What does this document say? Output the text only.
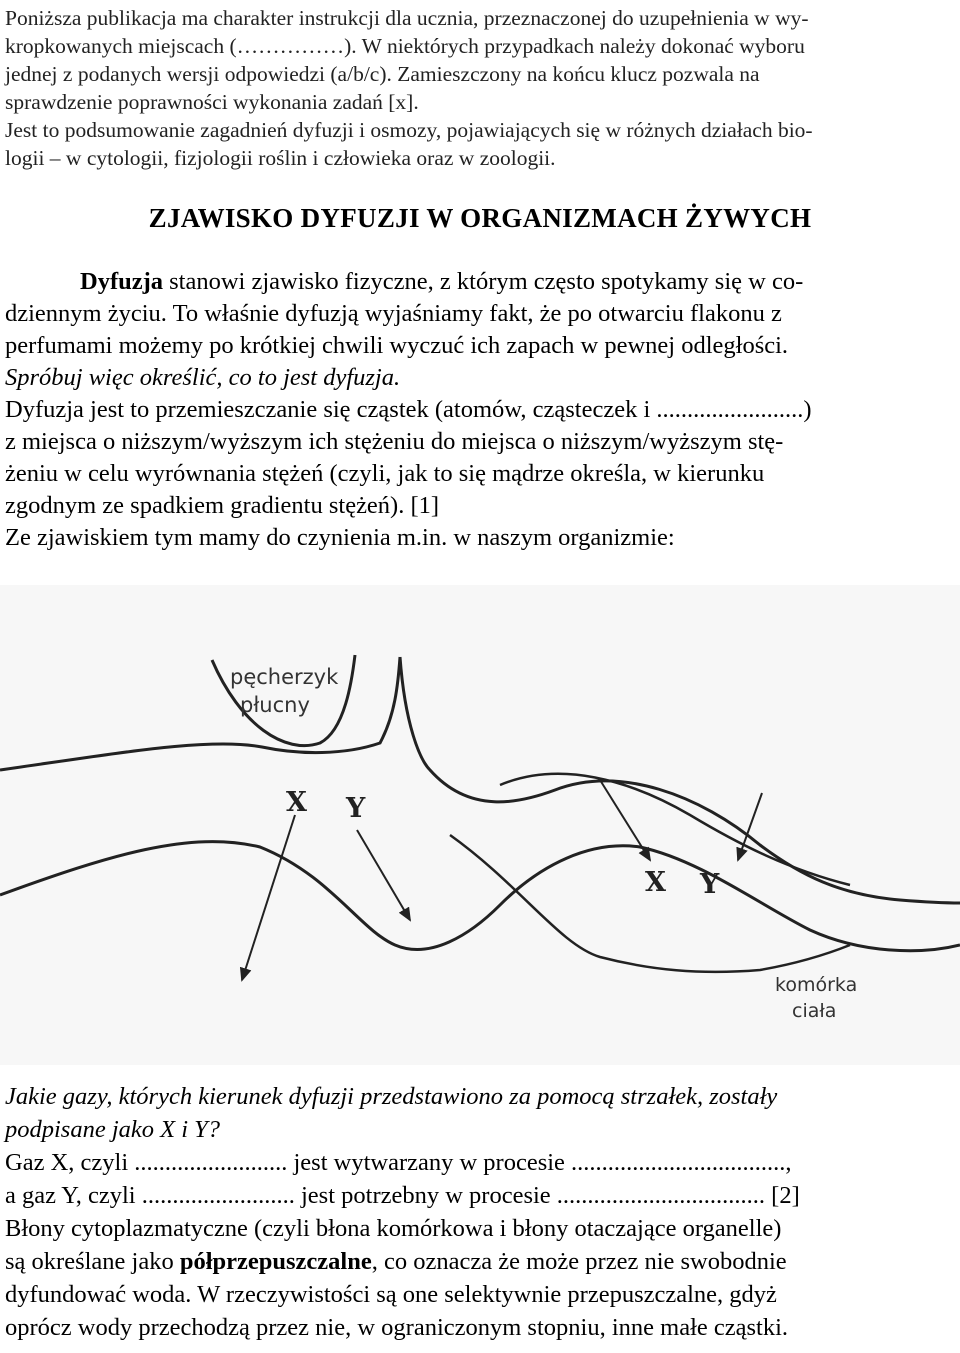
Poniższa publikacja ma charakter instrukcji dla ucznia, przeznaczonej do uzupełnienia w wy-

kropkowanych miejscach (……………). W niektórych przypadkach należy dokonać wyboru

jednej z podanych wersji odpowiedzi (a/b/c). Zamieszczony na końcu klucz pozwala na

sprawdzenie poprawności wykonania zadań [x].

Jest to podsumowanie zagadnień dyfuzji i osmozy, pojawiających się w różnych działach bio-

logii – w cytologii, fizjologii roślin i człowieka oraz w zoologii.

ZJAWISKO DYFUZJI W ORGANIZMACH ŻYWYCH

Dyfuzja stanowi zjawisko fizyczne, z którym często spotykamy się w co-

dziennym życiu. To właśnie dyfuzją wyjaśniamy fakt, że po otwarciu flakonu z

perfumami możemy po krótkiej chwili wyczuć ich zapach w pewnej odległości.

Spróbuj więc określić, co to jest dyfuzja.

Dyfuzja jest to przemieszczanie się cząstek (atomów, cząsteczek i ........................)

z miejsca o niższym/wyższym ich stężeniu do miejsca o niższym/wyższym stę-

żeniu w celu wyrównania stężeń (czyli, jak to się mądrze określa, w kierunku

zgodnym ze spadkiem gradientu stężeń). [1]

Ze zjawiskiem tym mamy do czynienia m.in. w naszym organizmie:

pęcherzyk
płucny
komórka
ciała
X Y
X Y

Jakie gazy, których kierunek dyfuzji przedstawiono za pomocą strzałek, zostały

podpisane jako X i Y?

Gaz X, czyli ......................... jest wytwarzany w procesie ...................................,

a gaz Y, czyli ......................... jest potrzebny w procesie .................................. [2]

Błony cytoplazmatyczne (czyli błona komórkowa i błony otaczające organelle)

są określane jako półprzepuszczalne, co oznacza że może przez nie swobodnie

dyfundować woda. W rzeczywistości są one selektywnie przepuszczalne, gdyż

oprócz wody przechodzą przez nie, w ograniczonym stopniu, inne małe cząstki.
